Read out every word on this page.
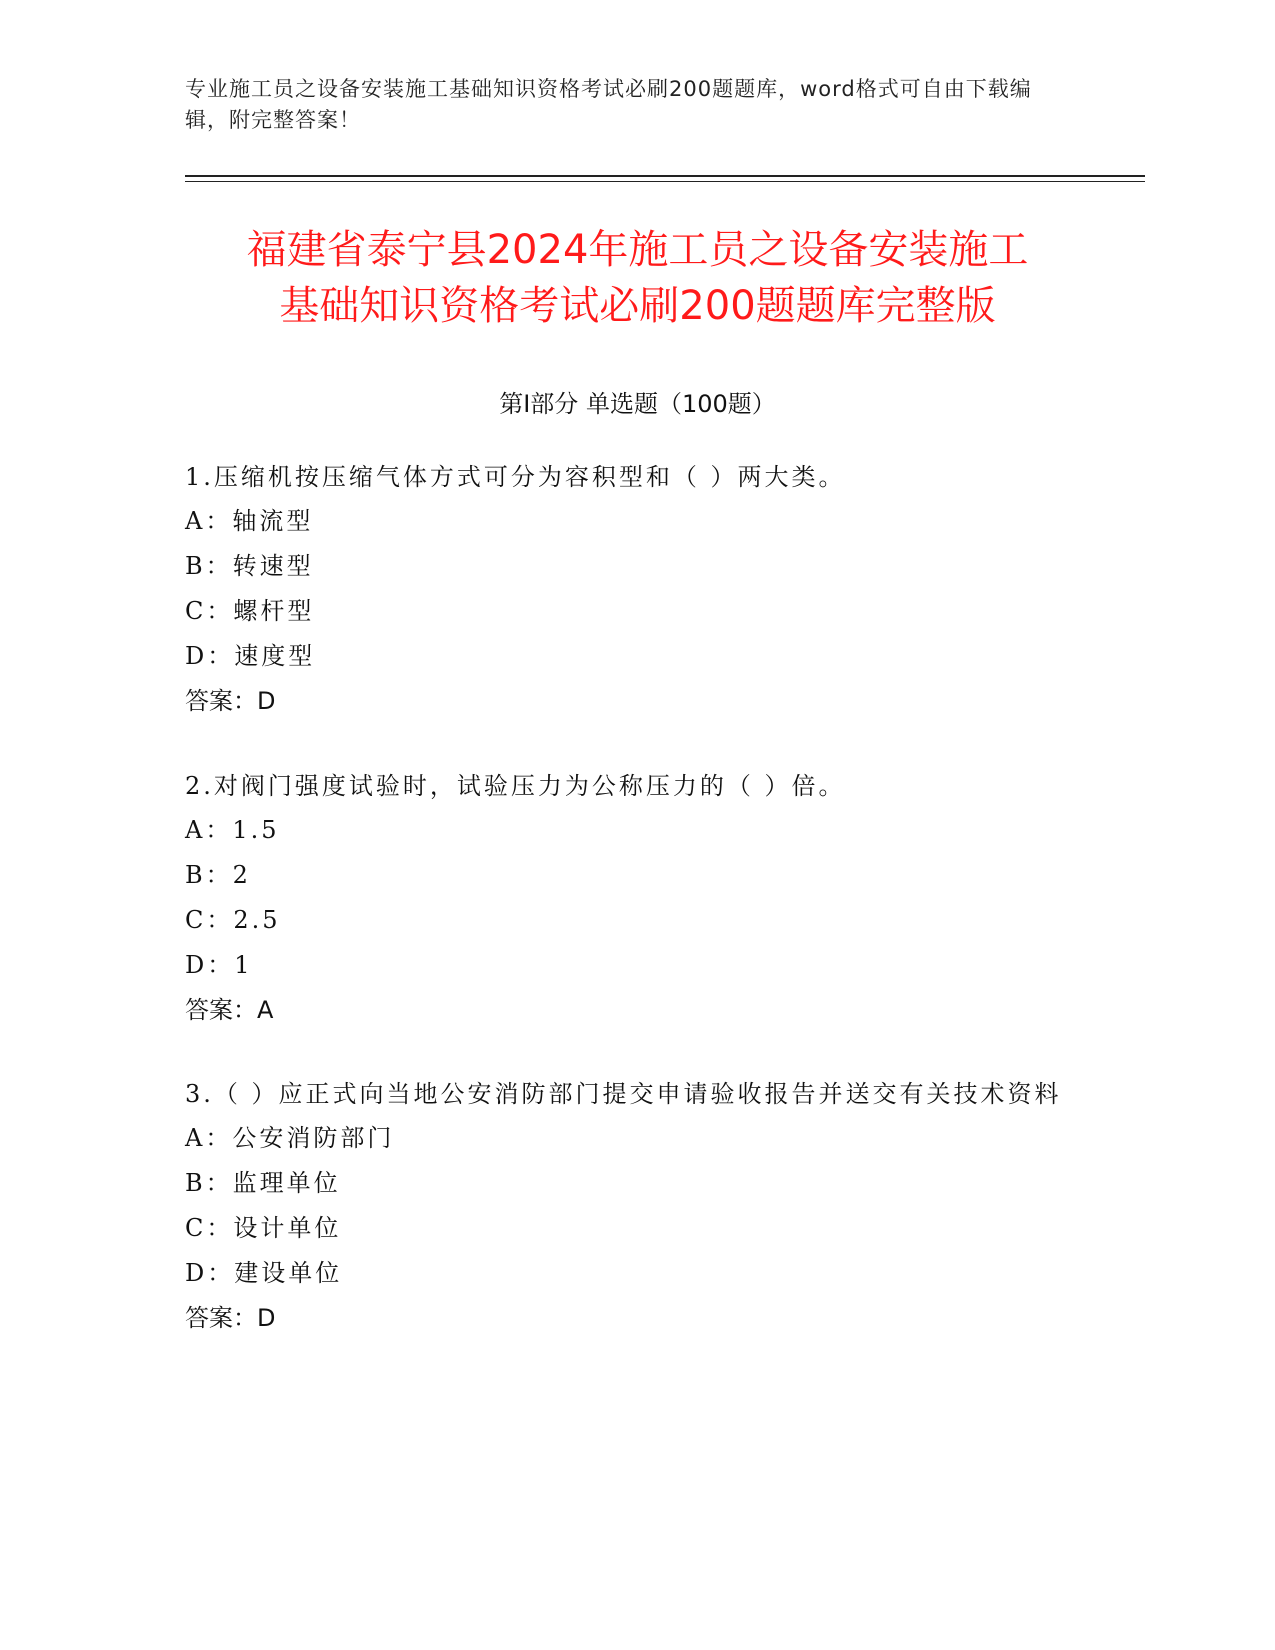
专业施工员之设备安装施工基础知识资格考试必刷200题题库，word格式可自由下载编辑，附完整答案！
福建省泰宁县2024年施工员之设备安装施工
基础知识资格考试必刷200题题库完整版
第Ⅰ部分 单选题（100题）
1.压缩机按压缩气体方式可分为容积型和（ ）两大类。
A：轴流型
B：转速型
C：螺杆型
D：速度型
答案：D
2.对阀门强度试验时，试验压力为公称压力的（ ）倍。
A：1.5
B：2
C：2.5
D：1
答案：A
3.（ ）应正式向当地公安消防部门提交申请验收报告并送交有关技术资料
A：公安消防部门
B：监理单位
C：设计单位
D：建设单位
答案：D
